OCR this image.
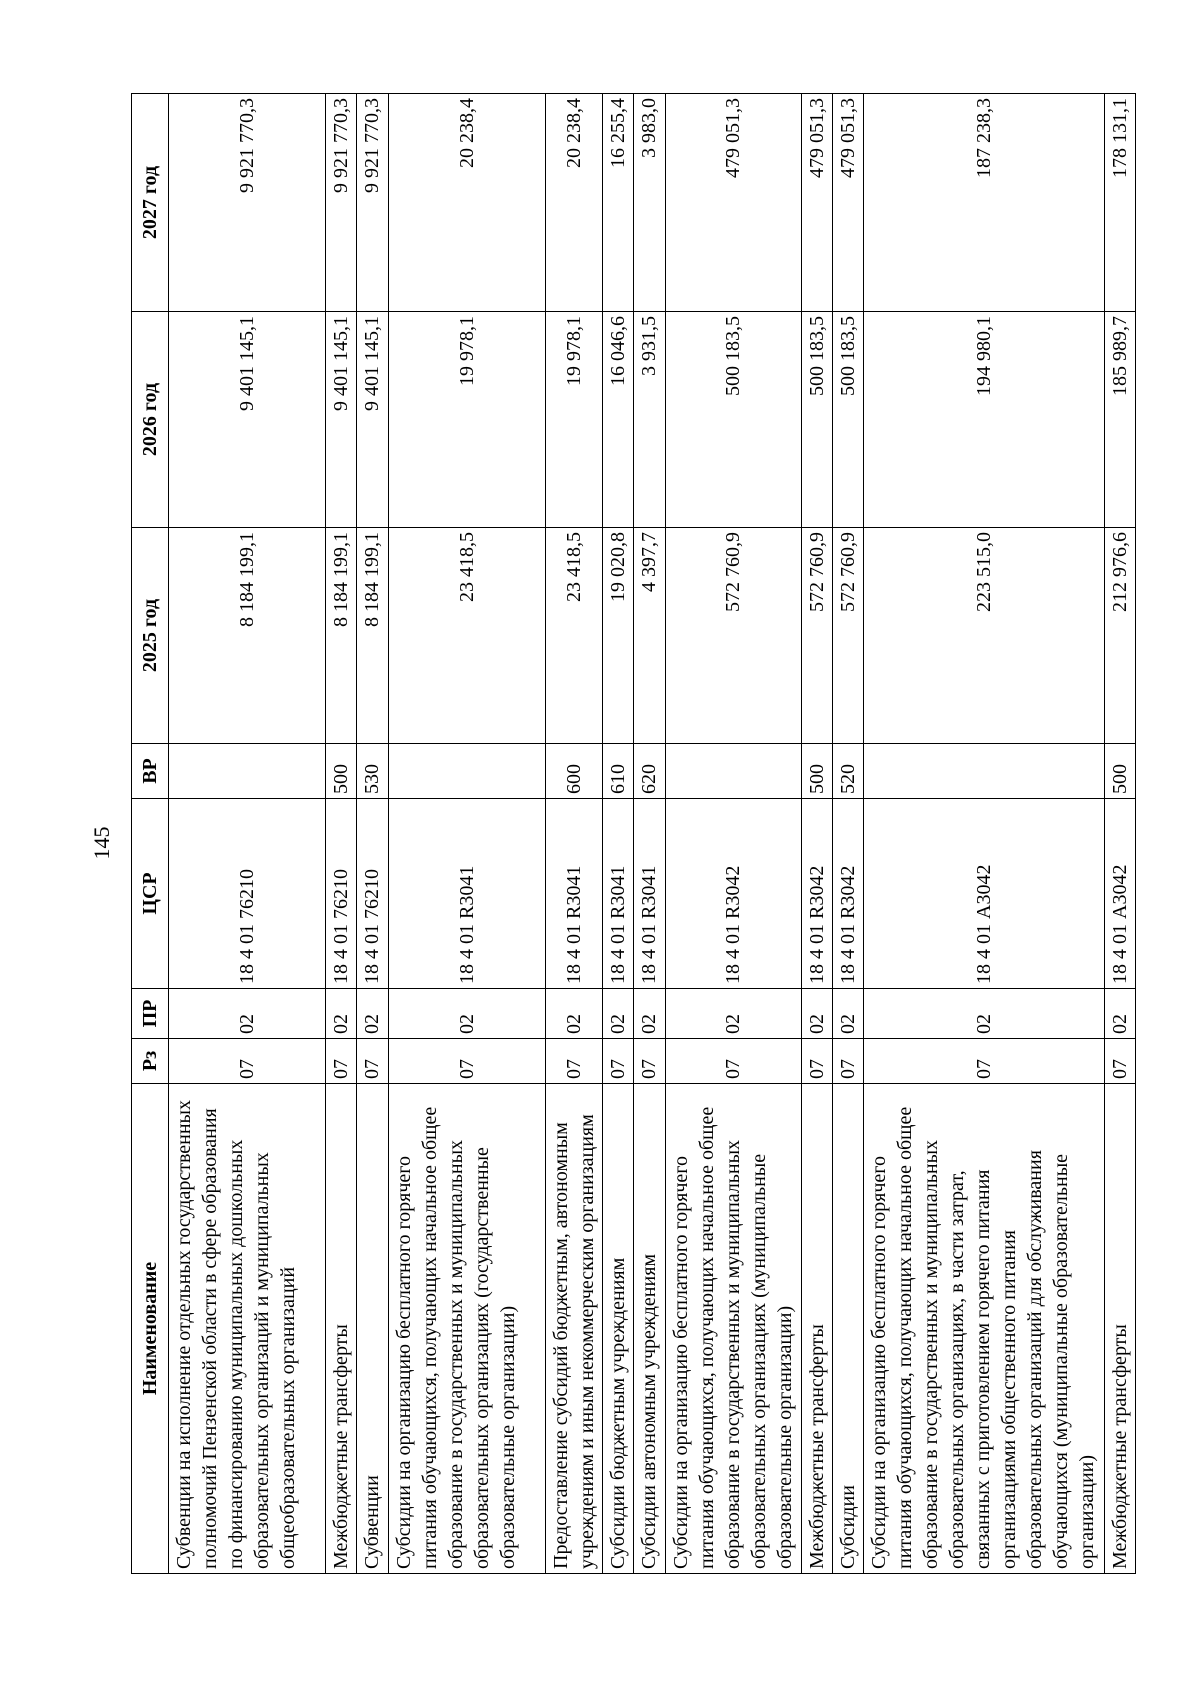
145
Наименование	Рз	ПР	ЦСР	ВР	2025 год	2026 год	2027 год
Субвенции на исполнение отдельных государственных полномочий Пензенской области в сфере образования по финансированию муниципальных дошкольных образовательных организаций и муниципальных общеобразовательных организаций	07	02	18 4 01 76210		8 184 199,1	9 401 145,1	9 921 770,3
Межбюджетные трансферты	07	02	18 4 01 76210	500	8 184 199,1	9 401 145,1	9 921 770,3
Субвенции	07	02	18 4 01 76210	530	8 184 199,1	9 401 145,1	9 921 770,3
Субсидии на организацию бесплатного горячего питания обучающихся, получающих начальное общее образование в государственных и муниципальных образовательных организациях (государственные образовательные организации)	07	02	18 4 01 R3041		23 418,5	19 978,1	20 238,4
Предоставление субсидий бюджетным, автономным учреждениям и иным некоммерческим организациям	07	02	18 4 01 R3041	600	23 418,5	19 978,1	20 238,4
Субсидии бюджетным учреждениям	07	02	18 4 01 R3041	610	19 020,8	16 046,6	16 255,4
Субсидии автономным учреждениям	07	02	18 4 01 R3041	620	4 397,7	3 931,5	3 983,0
Субсидии на организацию бесплатного горячего питания обучающихся, получающих начальное общее образование в государственных и муниципальных образовательных организациях (муниципальные образовательные организации)	07	02	18 4 01 R3042		572 760,9	500 183,5	479 051,3
Межбюджетные трансферты	07	02	18 4 01 R3042	500	572 760,9	500 183,5	479 051,3
Субсидии	07	02	18 4 01 R3042	520	572 760,9	500 183,5	479 051,3
Субсидии на организацию бесплатного горячего питания обучающихся, получающих начальное общее образование в государственных и муниципальных образовательных организациях, в части затрат, связанных с приготовлением горячего питания организациями общественного питания образовательных организаций для обслуживания обучающихся (муниципальные образовательные организации)	07	02	18 4 01 А3042		223 515,0	194 980,1	187 238,3
Межбюджетные трансферты	07	02	18 4 01 А3042	500	212 976,6	185 989,7	178 131,1
